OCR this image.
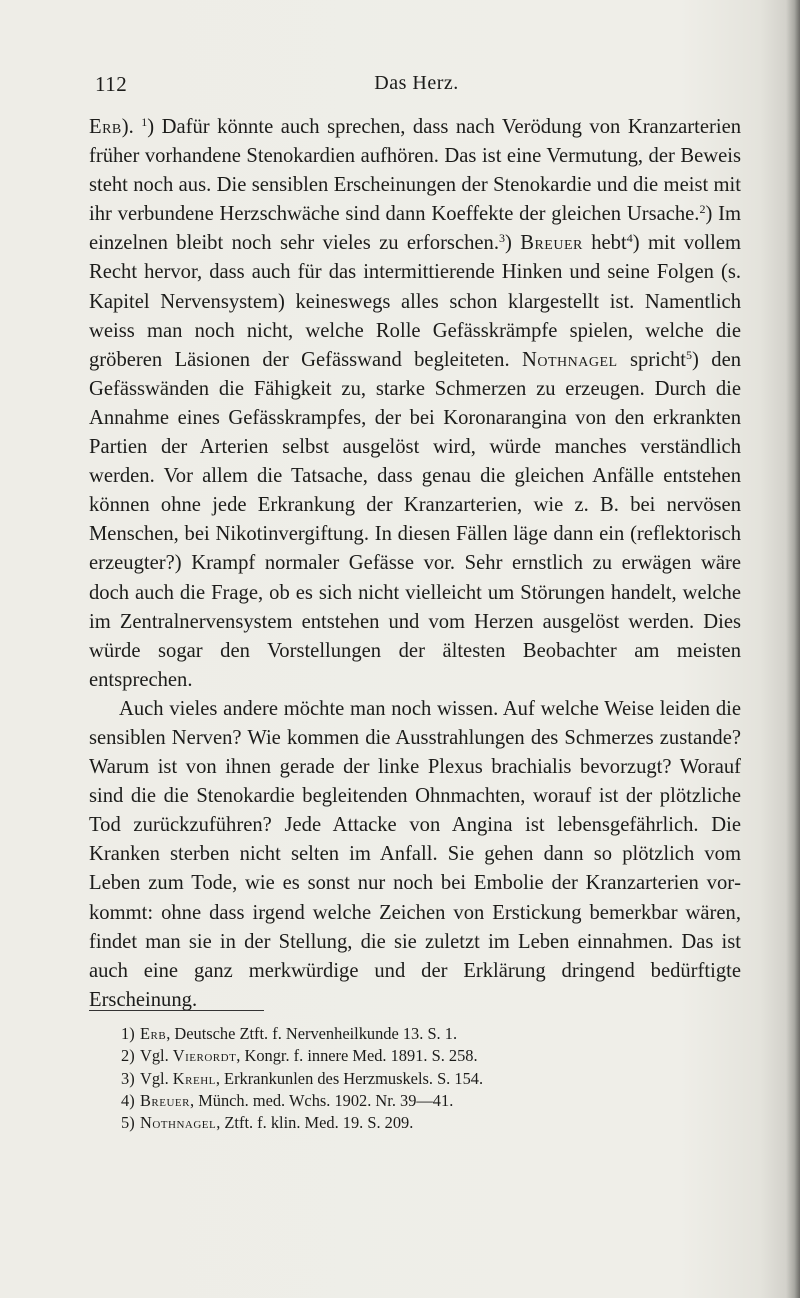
112	Das Herz.

Erb). $^1$) Dafür könnte auch sprechen, dass nach Verödung von Kranzarterien früher vorhandene Stenokardien aufhören. Das ist eine Vermutung, der Beweis steht noch aus. Die sensiblen Erscheinungen der Stenokardie und die meist mit ihr verbundene Herzschwäche sind dann Koeffekte der gleichen Ursache.$^2$) Im einzelnen bleibt noch sehr vieles zu erforschen.$^3$) Breuer hebt$^4$) mit vollem Recht hervor, dass auch für das intermittierende Hinken und seine Folgen (s. Kapitel Nervensystem) keineswegs alles schon klargestellt ist. Namentlich weiss man noch nicht, welche Rolle Gefässkrämpfe spielen, welche die gröberen Läsionen der Gefässwand begleiteten. Nothnagel spricht$^5$) den Gefässwänden die Fähigkeit zu, starke Schmerzen zu erzeugen. Durch die Annahme eines Gefässkrampfes, der bei Koronarangina von den erkrankten Partien der Arterien selbst ausgelöst wird, würde manches verständlich werden. Vor allem die Tatsache, dass genau die gleichen Anfälle entstehen können ohne jede Erkrankung der Kranzarterien, wie z. B. bei nervösen Menschen, bei Nikotinvergiftung. In diesen Fällen läge dann ein (reflektorisch erzeugter?) Krampf normaler Gefässe vor. Sehr ernstlich zu erwägen wäre doch auch die Frage, ob es sich nicht vielleicht um Störungen handelt, welche im Zentralnervensystem entstehen und vom Herzen ausgelöst werden. Dies würde sogar den Vorstellungen der ältesten Beobachter am meisten entsprechen.

Auch vieles andere möchte man noch wissen. Auf welche Weise leiden die sensiblen Nerven? Wie kommen die Ausstrahlungen des Schmerzes zustande? Warum ist von ihnen gerade der linke Plexus brachialis bevorzugt? Worauf sind die die Stenokardie begleitenden Ohnmachten, worauf ist der plötzliche Tod zurückzuführen? Jede Attacke von Angina ist lebensgefährlich. Die Kranken sterben nicht selten im Anfall. Sie gehen dann so plötzlich vom Leben zum Tode, wie es sonst nur noch bei Embolie der Kranzarterien vorkommt: ohne dass irgend welche Zeichen von Erstickung bemerkbar wären, findet man sie in der Stellung, die sie zuletzt im Leben einnahmen. Das ist auch eine ganz merkwürdige und der Erklärung dringend bedürftigte Erscheinung.

1) Erb, Deutsche Ztft. f. Nervenheilkunde 13. S. 1.
2) Vgl. Vierordt, Kongr. f. innere Med. 1891. S. 258.
3) Vgl. Krehl, Erkrankunlen des Herzmuskels. S. 154.
4) Breuer, Münch. med. Wchs. 1902. Nr. 39—41.
5) Nothnagel, Ztft. f. klin. Med. 19. S. 209.
